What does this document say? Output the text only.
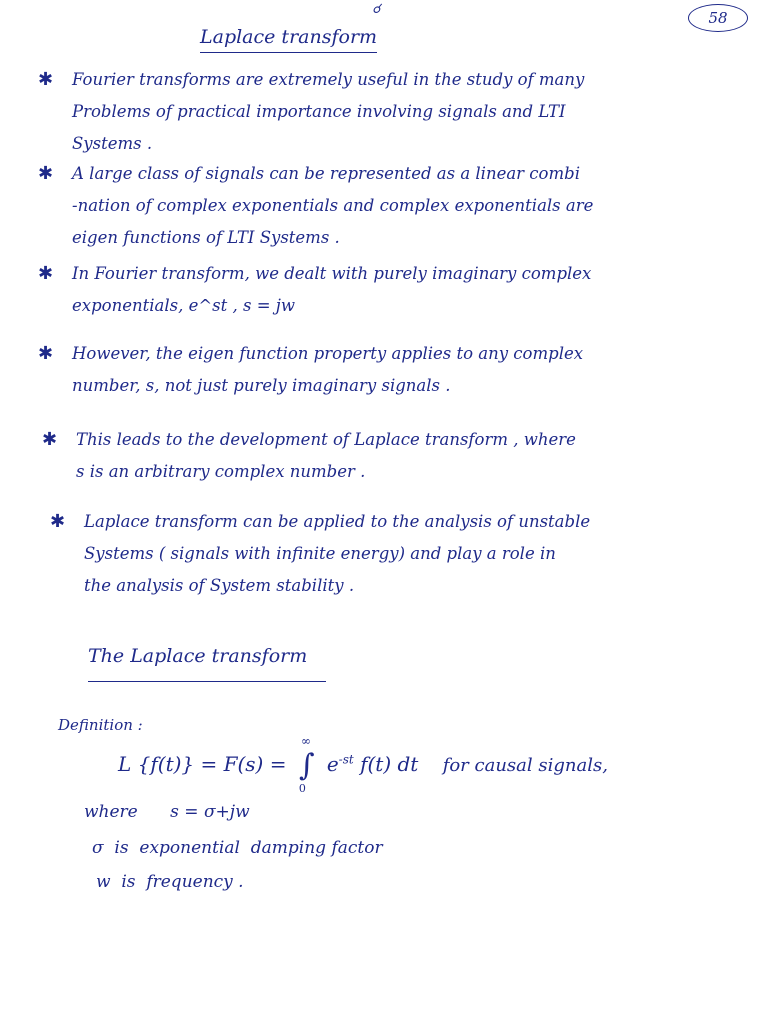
☌	58
Laplace transform
✱ Fourier transforms are extremely useful in the study of many
Problems of practical importance involving signals and LTI
Systems .
✱ A large class of signals can be represented as a linear combi
-nation of complex exponentials and complex exponentials are
eigen functions of LTI Systems .
✱ In Fourier transform, we dealt with purely imaginary complex
exponentials, e^st , s = jw
✱ However, the eigen function property applies to any complex
number, s, not just purely imaginary signals .
✱ This leads to the development of Laplace transform , where
s is an arbitrary complex number .
✱ Laplace transform can be applied to the analysis of unstable
Systems ( signals with infinite energy) and play a role in
the analysis of System stability .
The Laplace transform
Definition :
L {f(t)} = F(s) = ∫
∞
0
$e^{-st}$ f(t) dt for causal signals,
where      s = σ+jw
σ  is  exponential  damping factor
w  is  frequency .
